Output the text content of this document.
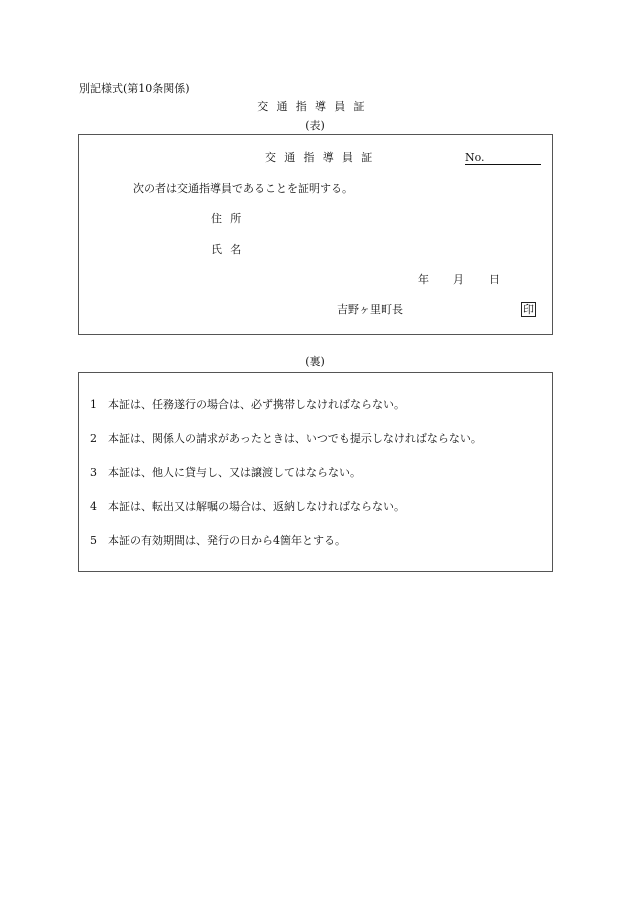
別記様式(第10条関係)
交通指導員証
(表)
交通指導員証	No.
次の者は交通指導員であることを証明する。
住所
氏名
年 月 日
吉野ヶ里町長	印
(裏)
1 本証は、任務遂行の場合は、必ず携帯しなければならない。
2 本証は、関係人の請求があったときは、いつでも提示しなければならない。
3 本証は、他人に貸与し、又は譲渡してはならない。
4 本証は、転出又は解嘱の場合は、返納しなければならない。
5 本証の有効期間は、発行の日から4箇年とする。
